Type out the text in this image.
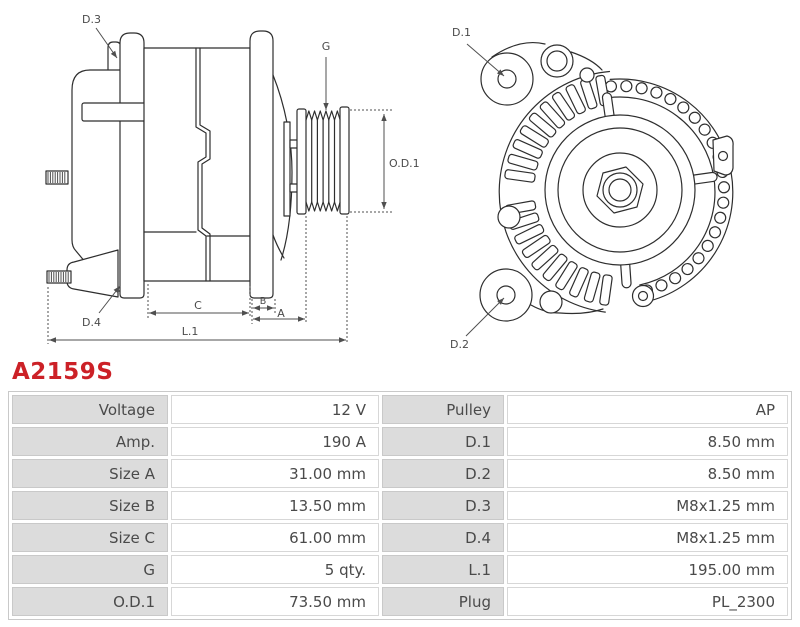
D.3
G
O.D.1
D.4
C	B
A
L.1
D.1
D.2
A2159S
Voltage	12 V	Pulley	AP
Amp.	190 A	D.1	8.50 mm
Size A	31.00 mm	D.2	8.50 mm
Size B	13.50 mm	D.3	M8x1.25 mm
Size C	61.00 mm	D.4	M8x1.25 mm
G	5 qty.	L.1	195.00 mm
O.D.1	73.50 mm	Plug	PL_2300
